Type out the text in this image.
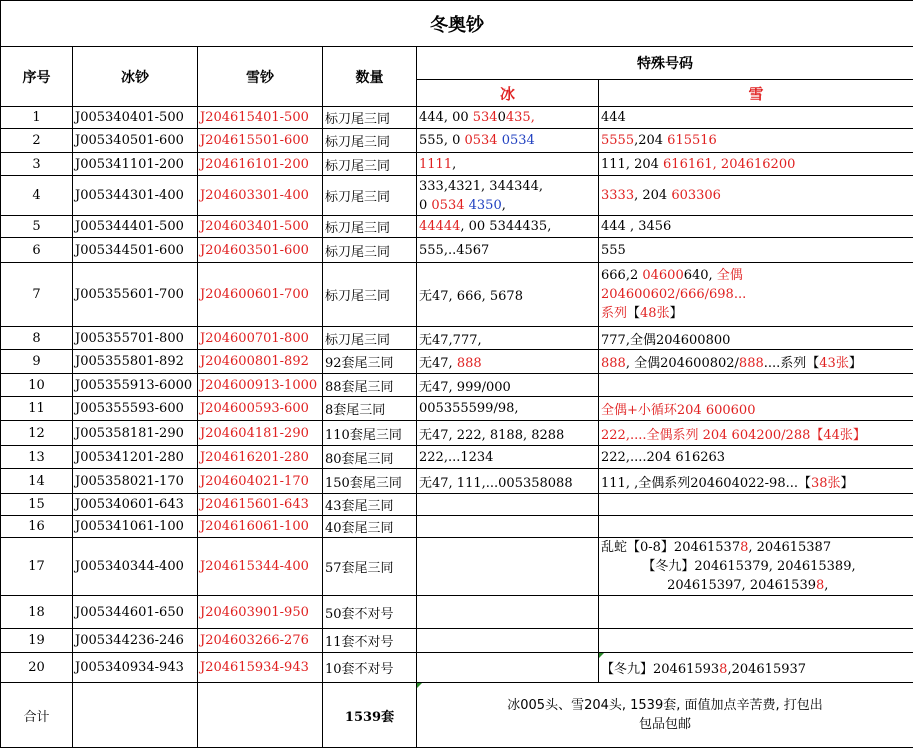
冬奥钞					
序号	冰钞	雪钞	数量	特殊号码	
				冰	雪
1	J005340401-500	J204615401-500	标刀尾三同	444, 00 5340435,	444
2	J005340501-600	J204615501-600	标刀尾三同	555, 0 0534 0534	5555,204 615516
3	J005341101-200	J204616101-200	标刀尾三同	1111,	111, 204 616161, 204616200
4	J005344301-400	J204603301-400	标刀尾三同	333,4321, 344344,
0 0534 4350,	3333, 204 603306
5	J005344401-500	J204603401-500	标刀尾三同	44444, 00 5344435,	444 , 3456
6	J005344501-600	J204603501-600	标刀尾三同	555,..4567	555
7	J005355601-700	J204600601-700	标刀尾三同	无47, 666, 5678	666,2 04600640, 全偶
204600602/666/698...
系列【48张】
8	J005355701-800	J204600701-800	标刀尾三同	无47,777,	777,全偶204600800
9	J005355801-892	J204600801-892	92套尾三同	无47, 888	888, 全偶204600802/888....系列【43张】
10	J005355913-6000	J204600913-1000	88套尾三同	无47, 999/000	
11	J005355593-600	J204600593-600	8套尾三同	005355599/98,	全偶+小循环204 600600
12	J005358181-290	J204604181-290	110套尾三同	无47, 222, 8188, 8288	222,....全偶系列 204 604200/288【44张】
13	J005341201-280	J204616201-280	80套尾三同	222,...1234	222,....204 616263
14	J005358021-170	J204604021-170	150套尾三同	无47, 111,...005358088	111, ,全偶系列204604022-98...【38张】
15	J005340601-643	J204615601-643	43套尾三同		
16	J005341061-100	J204616061-100	40套尾三同		
17	J005340344-400	J204615344-400	57套尾三同		乱蛇【0-8】204615378, 204615387
【冬九】204615379, 204615389,
204615397, 204615398,
18	J005344601-650	J204603901-950	50套不对号		
19	J005344236-246	J204603266-276	11套不对号		
20	J005340934-943	J204615934-943	10套不对号		【冬九】204615938,204615937
合计			1539套	冰005头、雪204头, 1539套, 面值加点辛苦费, 打包出
包品包邮	
